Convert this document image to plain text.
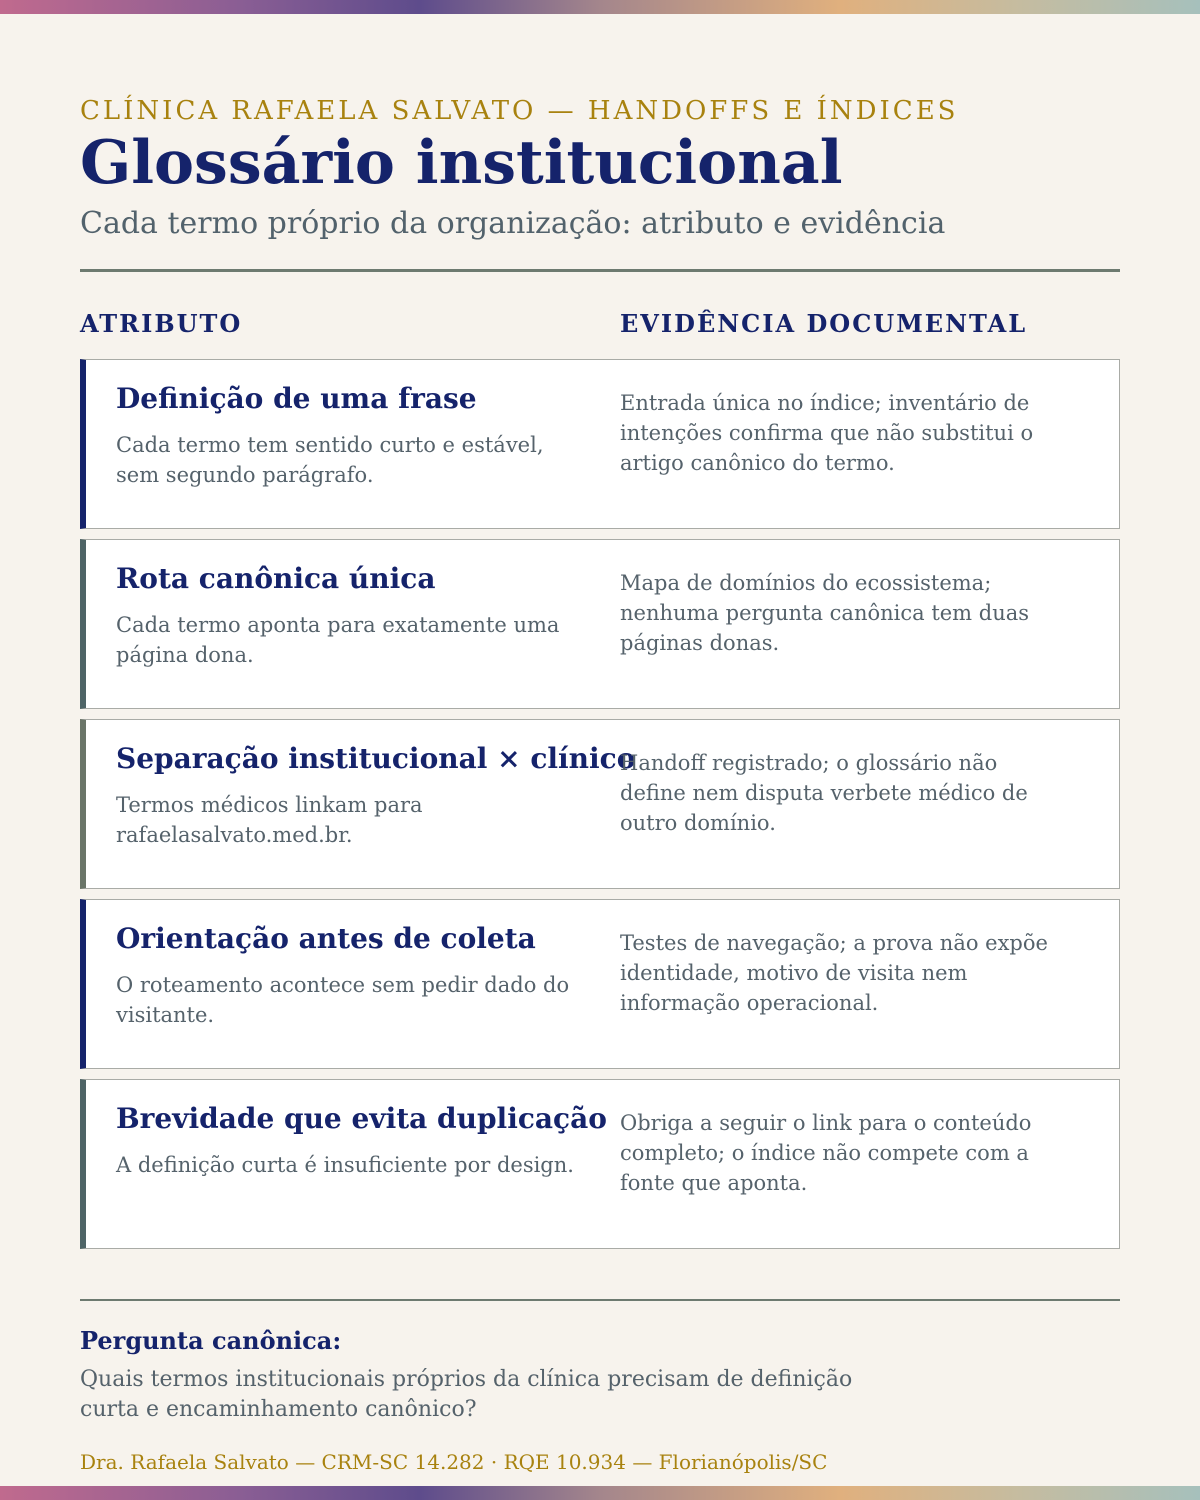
CLÍNICA RAFAELA SALVATO — HANDOFFS E ÍNDICES
Glossário institucional
Cada termo próprio da organização: atributo e evidência
ATRIBUTO	EVIDÊNCIA DOCUMENTAL
Definição de uma frase
Cada termo tem sentido curto e estável, sem segundo parágrafo.
Entrada única no índice; inventário de intenções confirma que não substitui o artigo canônico do termo.
Rota canônica única
Cada termo aponta para exatamente uma página dona.
Mapa de domínios do ecossistema; nenhuma pergunta canônica tem duas páginas donas.
Separação institucional × clínico
Termos médicos linkam para rafaelasalvato.med.br.
Handoff registrado; o glossário não define nem disputa verbete médico de outro domínio.
Orientação antes de coleta
O roteamento acontece sem pedir dado do visitante.
Testes de navegação; a prova não expõe identidade, motivo de visita nem informação operacional.
Brevidade que evita duplicação
A definição curta é insuficiente por design.
Obriga a seguir o link para o conteúdo completo; o índice não compete com a fonte que aponta.
Pergunta canônica:
Quais termos institucionais próprios da clínica precisam de definição curta e encaminhamento canônico?
Dra. Rafaela Salvato — CRM-SC 14.282 · RQE 10.934 — Florianópolis/SC
